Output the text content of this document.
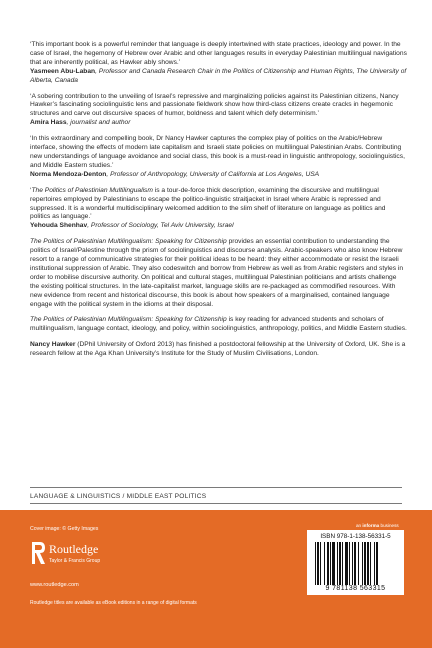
‘This important book is a powerful reminder that language is deeply intertwined with state practices, ideology and power. In the case of Israel, the hegemony of Hebrew over Arabic and other languages results in everyday Palestinian multilingual navigations that are inherently political, as Hawker ably shows.’

Yasmeen Abu-Laban, Professor and Canada Research Chair in the Politics of Citizenship and Human Rights, The University of Alberta, Canada

‘A sobering contribution to the unveiling of Israel’s repressive and marginalizing policies against its Palestinian citizens, Nancy Hawker’s fascinating sociolinguistic lens and passionate fieldwork show how third-class citizens create cracks in hegemonic structures and carve out discursive spaces of humor, boldness and talent which defy determinism.’

Amira Hass, journalist and author

‘In this extraordinary and compelling book, Dr Nancy Hawker captures the complex play of politics on the Arabic/Hebrew interface, showing the effects of modern late capitalism and Israeli state policies on multilingual Palestinian Arabs. Contributing new understandings of language avoidance and social class, this book is a must-read in linguistic anthropology, sociolinguistics, and Middle Eastern studies.’

Norma Mendoza-Denton, Professor of Anthropology, University of California at Los Angeles, USA

‘The Politics of Palestinian Multilingualism is a tour-de-force thick description, examining the discursive and multilingual repertoires employed by Palestinians to escape the politico-linguistic straitjacket in Israel where Arabic is repressed and suppressed. It is a wonderful multidisciplinary welcomed addition to the slim shelf of literature on language as politics and politics as language.’

Yehouda Shenhav, Professor of Sociology, Tel Aviv University, Israel

The Politics of Palestinian Multilingualism: Speaking for Citizenship provides an essential contribution to understanding the politics of Israel/Palestine through the prism of sociolinguistics and discourse analysis. Arabic-speakers who also know Hebrew resort to a range of communicative strategies for their political ideas to be heard: they either accommodate or resist the Israeli institutional suppression of Arabic. They also codeswitch and borrow from Hebrew as well as from Arabic registers and styles in order to mobilise discursive authority. On political and cultural stages, multilingual Palestinian politicians and artists challenge the existing political structures. In the late-capitalist market, language skills are re-packaged as commodified resources. With new evidence from recent and historical discourse, this book is about how speakers of a marginalised, contained language engage with the political system in the idioms at their disposal.

The Politics of Palestinian Multilingualism: Speaking for Citizenship is key reading for advanced students and scholars of multilingualism, language contact, ideology, and policy, within sociolinguistics, anthropology, politics, and Middle Eastern studies.

Nancy Hawker (DPhil University of Oxford 2013) has finished a postdoctoral fellowship at the University of Oxford, UK. She is a research fellow at the Aga Khan University’s Institute for the Study of Muslim Civilisations, London.

LANGUAGE & LINGUISTICS / MIDDLE EAST POLITICS
Cover image: © Getty Images
Routledge
Taylor & Francis Group
www.routledge.com
Routledge titles are available as eBook editions in a range of digital formats
an informa business
ISBN 978-1-138-56331-5
9 781138 563315
